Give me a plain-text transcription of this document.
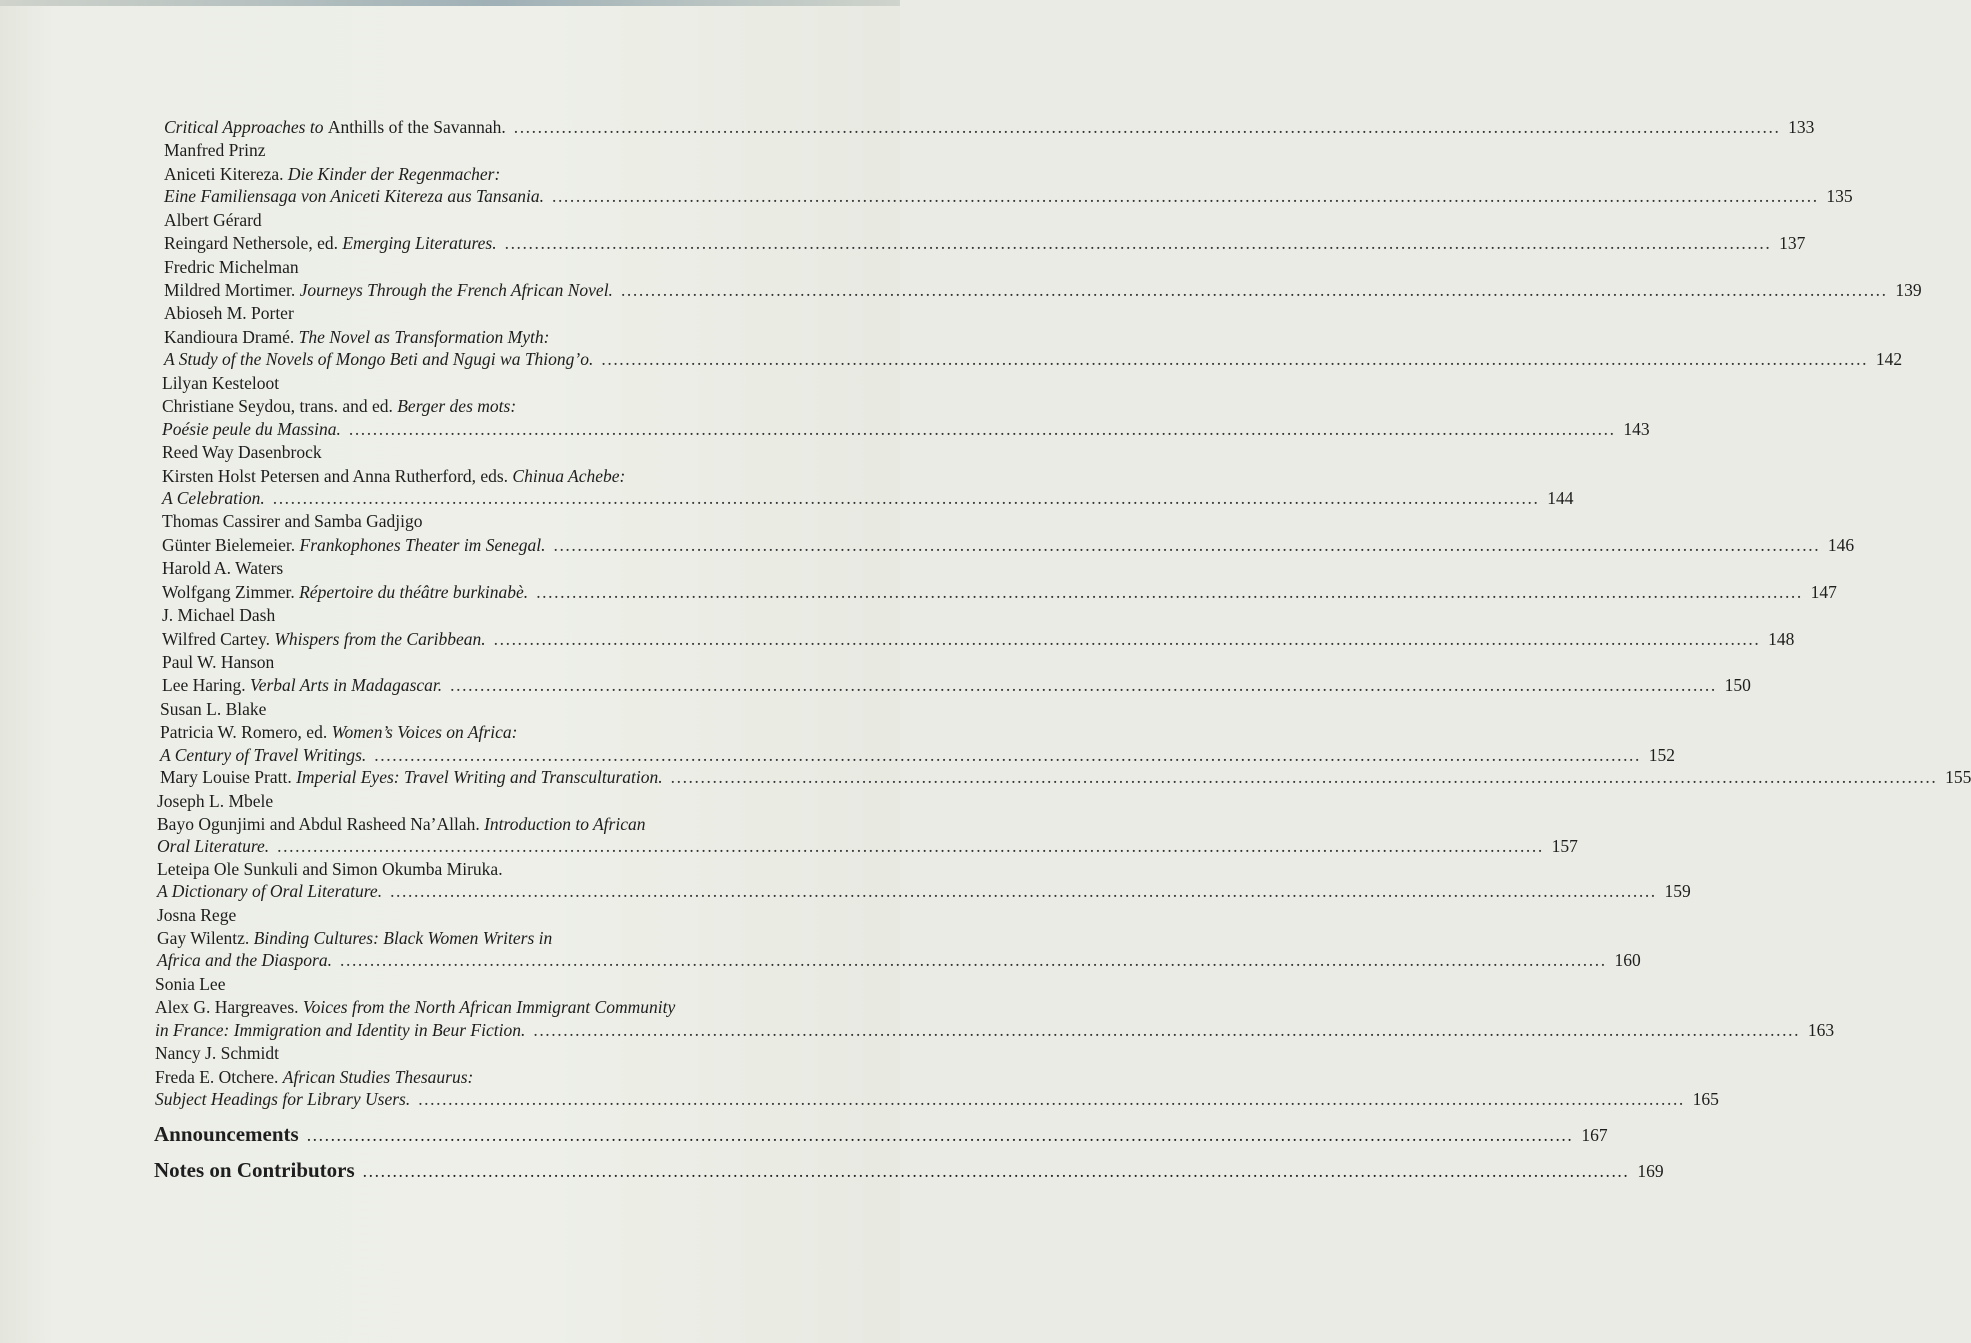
Critical Approaches to Anthills of the Savannah. .....	133
Manfred Prinz
Aniceti Kitereza. Die Kinder der Regenmacher:
Eine Familiensaga von Aniceti Kitereza aus Tansania. .....	135
Albert Gérard
Reingard Nethersole, ed. Emerging Literatures. .....	137
Fredric Michelman
Mildred Mortimer. Journeys Through the French African Novel. .....	139
Abioseh M. Porter
Kandioura Dramé. The Novel as Transformation Myth:
A Study of the Novels of Mongo Beti and Ngugi wa Thiong’o. .....	142
Lilyan Kesteloot
Christiane Seydou, trans. and ed. Berger des mots:
Poésie peule du Massina. .....	143
Reed Way Dasenbrock
Kirsten Holst Petersen and Anna Rutherford, eds. Chinua Achebe:
A Celebration. .....	144
Thomas Cassirer and Samba Gadjigo
Günter Bielemeier. Frankophones Theater im Senegal. .....	146
Harold A. Waters
Wolfgang Zimmer. Répertoire du théâtre burkinabè. .....	147
J. Michael Dash
Wilfred Cartey. Whispers from the Caribbean. .....	148
Paul W. Hanson
Lee Haring. Verbal Arts in Madagascar. .....	150
Susan L. Blake
Patricia W. Romero, ed. Women’s Voices on Africa:
A Century of Travel Writings. .....	152
Mary Louise Pratt. Imperial Eyes: Travel Writing and Transculturation. .....	155
Joseph L. Mbele
Bayo Ogunjimi and Abdul Rasheed Na’Allah. Introduction to African
Oral Literature. .....	157
Leteipa Ole Sunkuli and Simon Okumba Miruka.
A Dictionary of Oral Literature. .....	159
Josna Rege
Gay Wilentz. Binding Cultures: Black Women Writers in
Africa and the Diaspora. .....	160
Sonia Lee
Alex G. Hargreaves. Voices from the North African Immigrant Community
in France: Immigration and Identity in Beur Fiction. .....	163
Nancy J. Schmidt
Freda E. Otchere. African Studies Thesaurus:
Subject Headings for Library Users. .....	165
Announcements .....	167
Notes on Contributors .....	169
